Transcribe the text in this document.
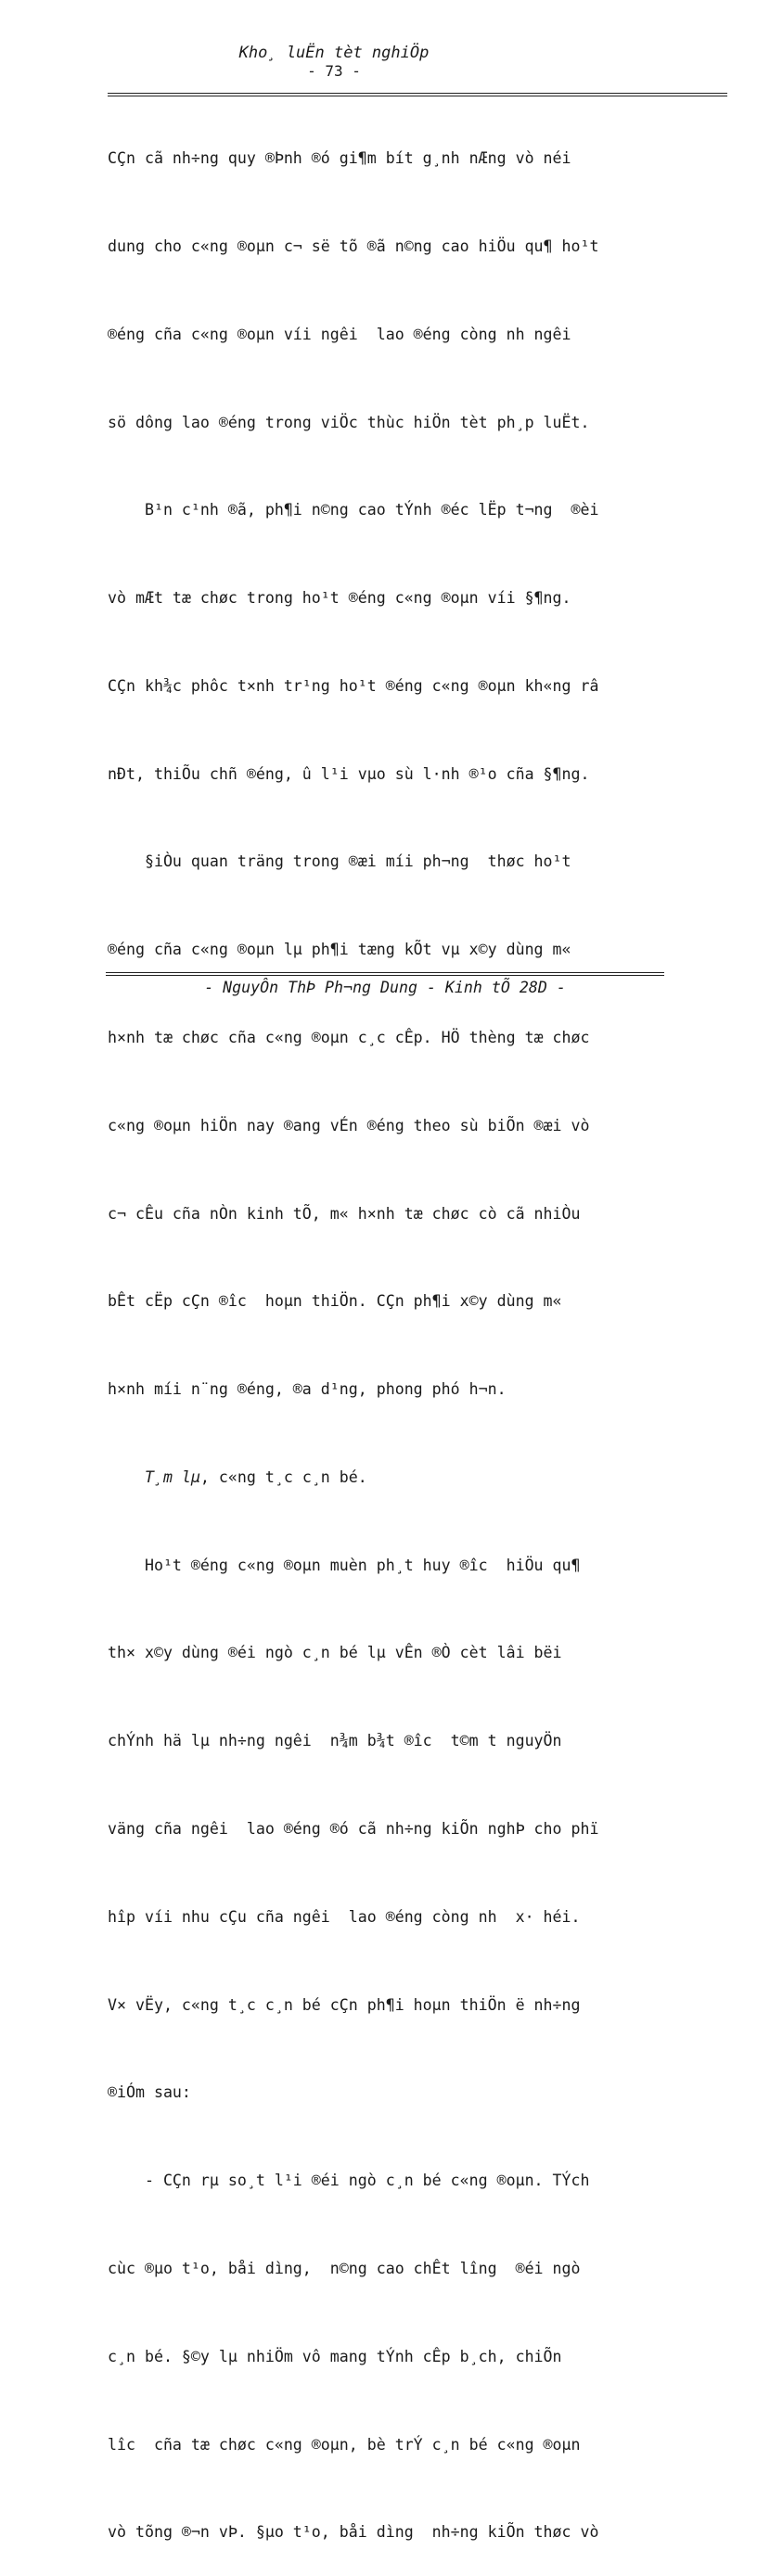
Kho¸ luËn tèt nghiÖp
- 73 -

CÇn cã nh÷ng quy ®Þnh ®ó gi¶m bít g¸nh nÆng vò néi

dung cho c«ng ®oµn c¬ së tõ ®ã n©ng cao hiÖu qu¶ ho¹t

®éng cña c«ng ®oµn víi ngêi  lao ®éng còng nh ngêi

sö dông lao ®éng trong viÖc thùc hiÖn tèt ph¸p luËt.

B¹n c¹nh ®ã, ph¶i n©ng cao tÝnh ®éc lËp t¬ng  ®èi

vò mÆt tæ chøc trong ho¹t ®éng c«ng ®oµn víi §¶ng.

CÇn kh¾c phôc t×nh tr¹ng ho¹t ®éng c«ng ®oµn kh«ng râ

nÐt, thiÕu chñ ®éng, û l¹i vµo sù l·nh ®¹o cña §¶ng.

§iÒu quan träng trong ®æi míi ph¬ng  thøc ho¹t

®éng cña c«ng ®oµn lµ ph¶i tæng kÕt vµ x©y dùng m«

h×nh tæ chøc cña c«ng ®oµn c¸c cÊp. HÖ thèng tæ chøc

c«ng ®oµn hiÖn nay ®ang vÉn ®éng theo sù biÕn ®æi vò

c¬ cÊu cña nÒn kinh tÕ, m« h×nh tæ chøc cò cã nhiÒu

bÊt cËp cÇn ®îc  hoµn thiÖn. CÇn ph¶i x©y dùng m«

h×nh míi n¨ng ®éng, ®a d¹ng, phong phó h¬n.

T¸m lµ, c«ng t¸c c¸n bé.

Ho¹t ®éng c«ng ®oµn muèn ph¸t huy ®îc  hiÖu qu¶

th× x©y dùng ®éi ngò c¸n bé lµ vÊn ®Ò cèt lâi bëi

chÝnh hä lµ nh÷ng ngêi  n¾m b¾t ®îc  t©m t nguyÖn

väng cña ngêi  lao ®éng ®ó cã nh÷ng kiÕn nghÞ cho phï

hîp víi nhu cÇu cña ngêi  lao ®éng còng nh  x· héi.

V× vËy, c«ng t¸c c¸n bé cÇn ph¶i hoµn thiÖn ë nh÷ng

®iÓm sau:

- CÇn rµ so¸t l¹i ®éi ngò c¸n bé c«ng ®oµn. TÝch

cùc ®µo t¹o, båi dìng,  n©ng cao chÊt lîng  ®éi ngò

c¸n bé. §©y lµ nhiÖm vô mang tÝnh cÊp b¸ch, chiÕn

lîc  cña tæ chøc c«ng ®oµn, bè trÝ c¸n bé c«ng ®oµn

vò tõng ®¬n vÞ. §µo t¹o, båi dìng  nh÷ng kiÕn thøc vò

- NguyÔn ThÞ Ph¬ng Dung - Kinh tÕ 28D -
